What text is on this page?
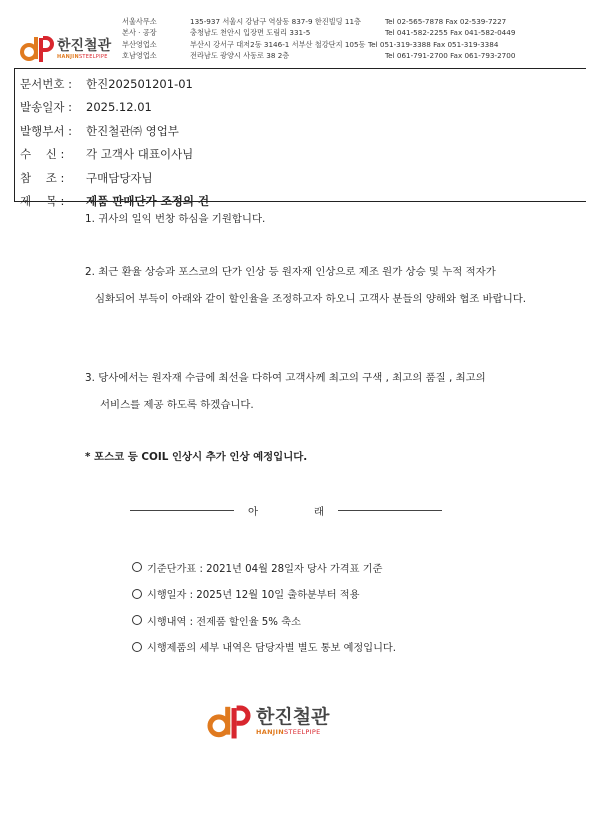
한진철관
HANJINSTEELPIPE
서울사무소	135-937 서울시 강남구 역삼동 837-9 한진빌딩 11층	Tel 02-565-7878 Fax 02-539-7227
본사 · 공장	충청남도 천안시 입장면 도림리 331-5	Tel 041-582-2255 Fax 041-582-0449
부산영업소	부산시 강서구 대저2동 3146-1 서부산 철강단지 105동 Tel 051-319-3388 Fax 051-319-3384
호남영업소	전라남도 광양시 사동로 38 2층	Tel 061-791-2700 Fax 061-793-2700
문서번호 :	한진202501201-01
발송일자 :	2025.12.01
발행부서 :	한진철관㈜ 영업부
수    신 :	각 고객사 대표이사님
참    조 :	구매담당자님
제    목 :	제품 판매단가 조정의 건
1. 귀사의 일익 번창 하심을 기원합니다.
2. 최근 환율 상승과 포스코의 단가 인상 등 원자재 인상으로 제조 원가 상승 및 누적 적자가
심화되어 부득이 아래와 같이 할인율을 조정하고자 하오니 고객사 분들의 양해와 협조 바랍니다.
3. 당사에서는 원자재 수급에 최선을 다하여 고객사께 최고의 구색 , 최고의 품질 , 최고의
서비스를 제공 하도록 하겠습니다.
* 포스코 등 COIL 인상시 추가 인상 예정입니다.
아	래
기준단가표 : 2021년 04월 28일자 당사 가격표 기준
시행일자 : 2025년 12월 10일 출하분부터 적용
시행내역 : 전제품 할인율 5% 축소
시행제품의 세부 내역은 담당자별 별도 통보 예정입니다.
한진철관
HANJINSTEELPIPE
